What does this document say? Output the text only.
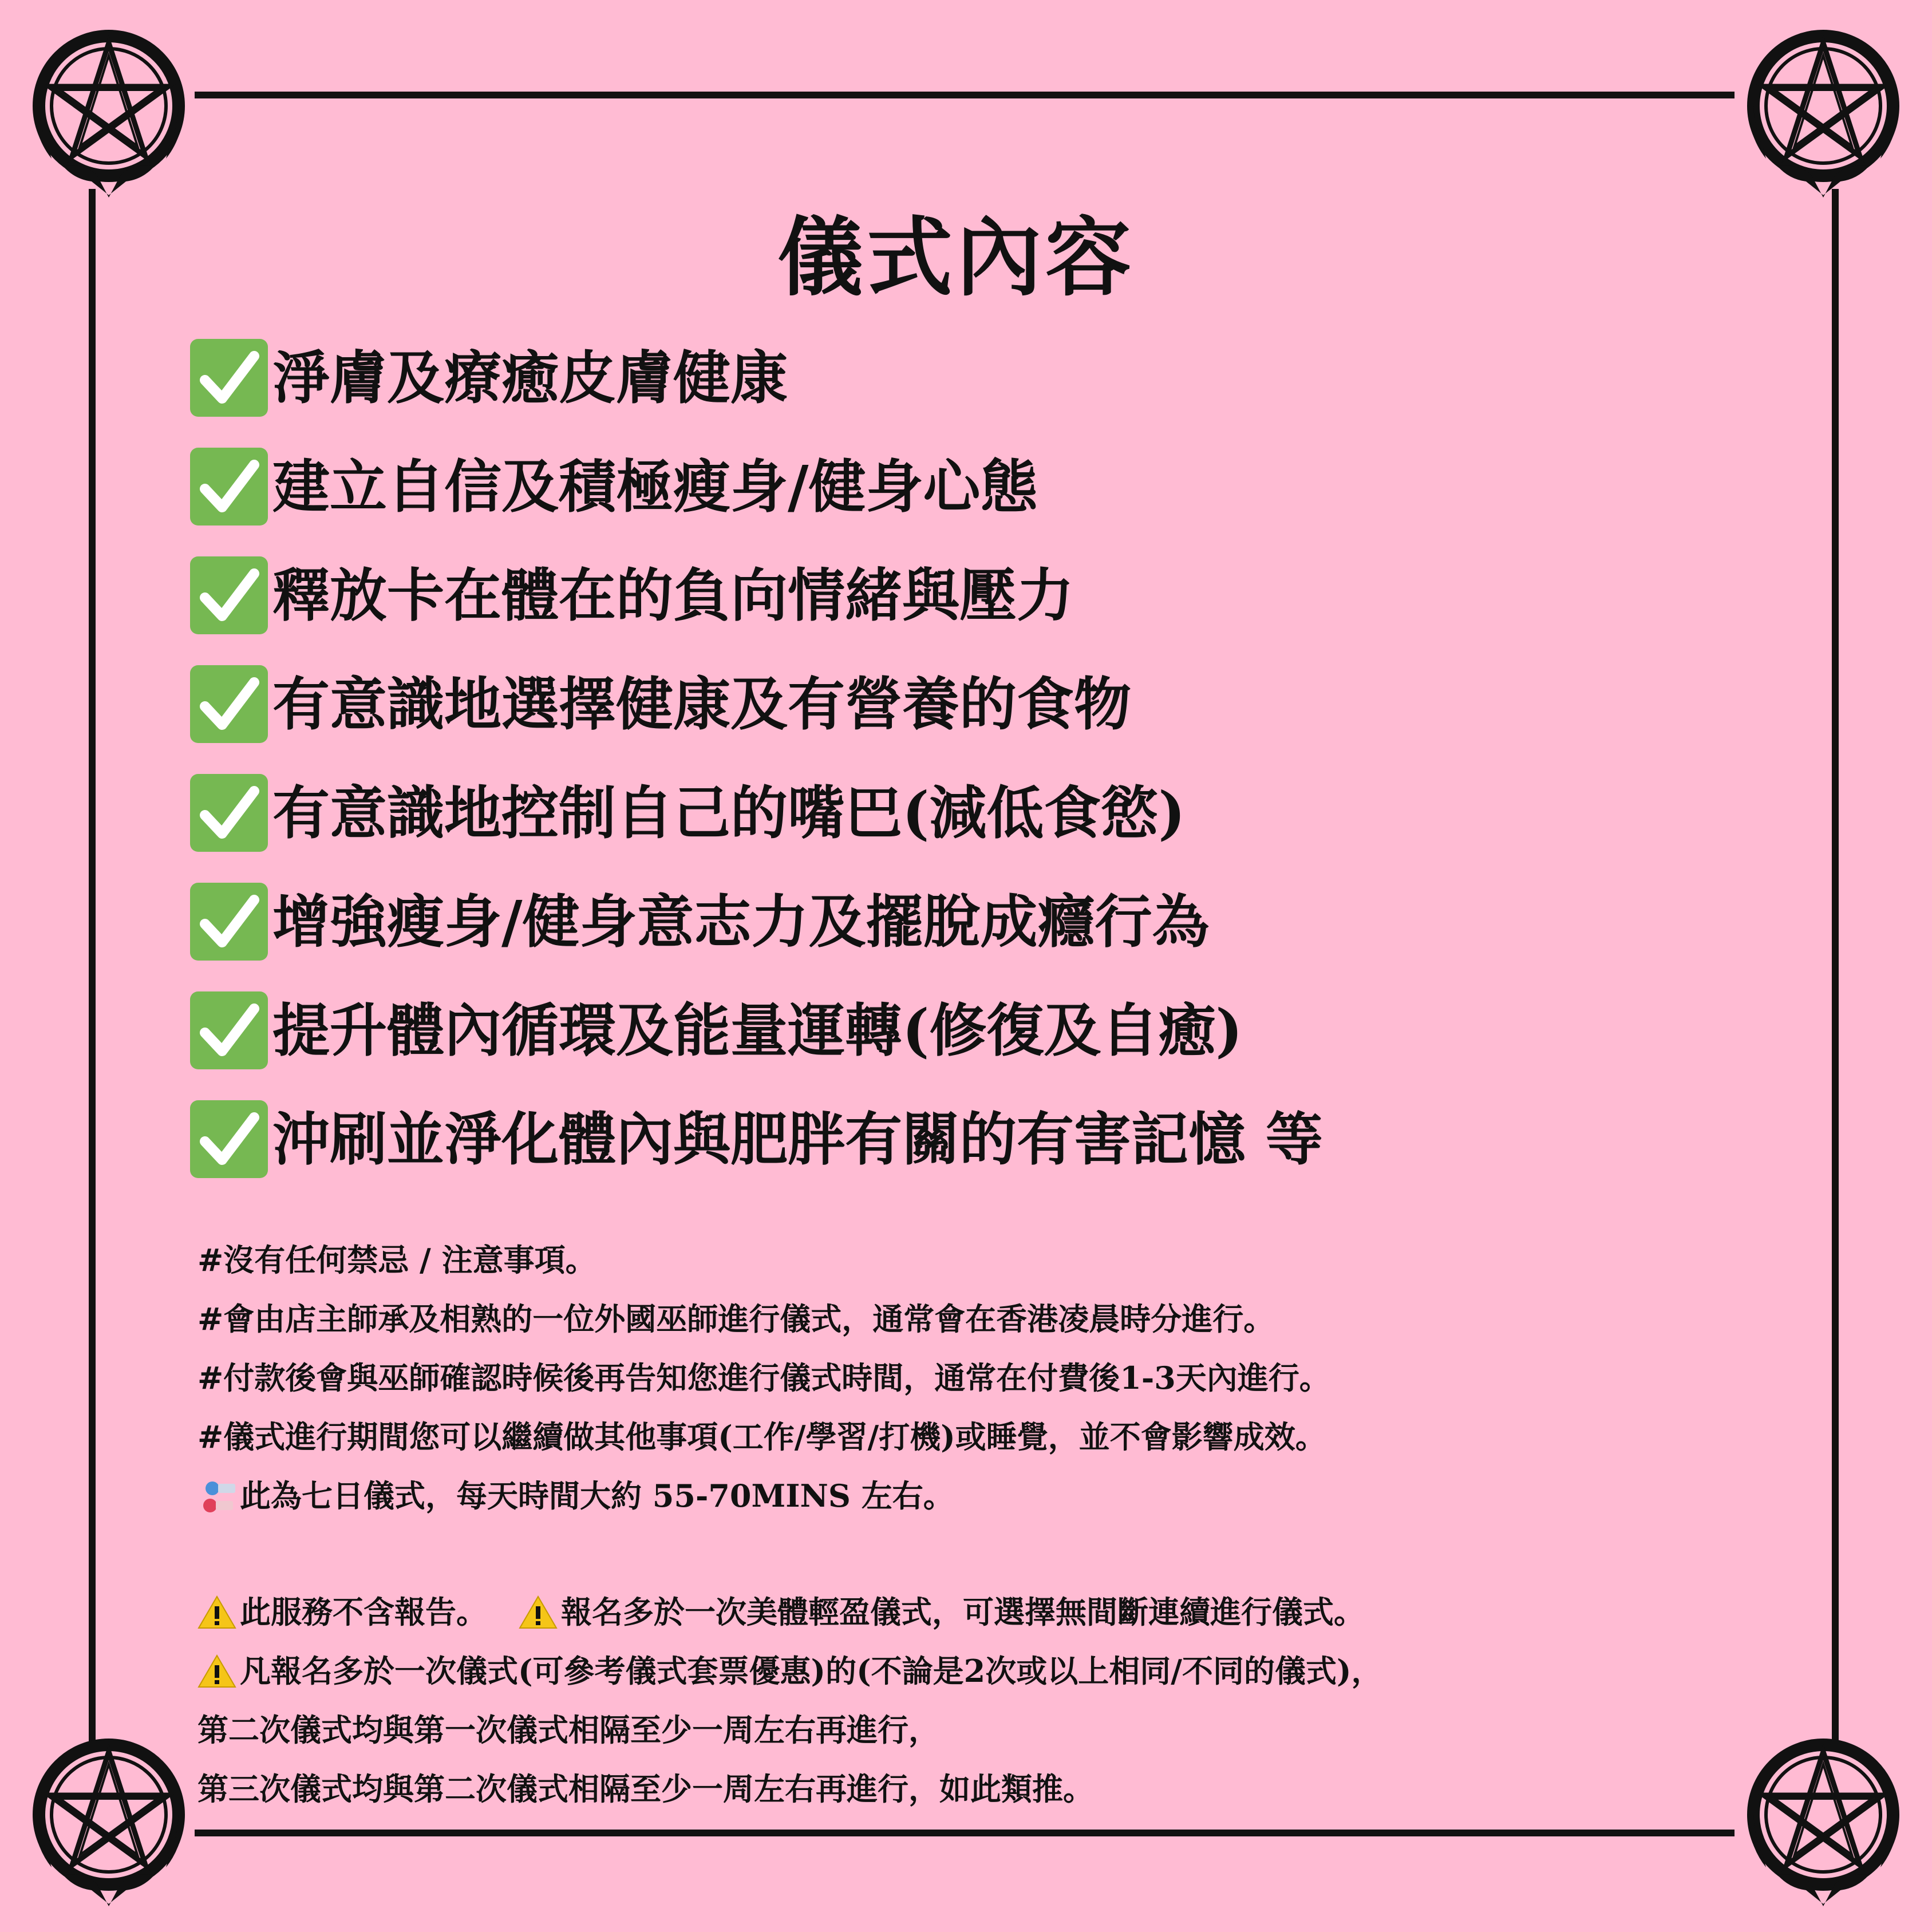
儀式內容
淨膚及療癒皮膚健康
建立自信及積極瘦身/健身心態
釋放卡在體在的負向情緒與壓力
有意識地選擇健康及有營養的食物
有意識地控制自己的嘴巴(減低食慾)
增強瘦身/健身意志力及擺脫成癮行為
提升體內循環及能量運轉(修復及自癒)
沖刷並淨化體內與肥胖有關的有害記憶 等
#沒有任何禁忌 / 注意事項。
#會由店主師承及相熟的一位外國巫師進行儀式，通常會在香港凌晨時分進行。
#付款後會與巫師確認時候後再告知您進行儀式時間，通常在付費後1-3天內進行。
#儀式進行期間您可以繼續做其他事項(工作/學習/打機)或睡覺，並不會影響成效。
此為七日儀式，每天時間大約 55-70MINS 左右。
此服務不含報告。 報名多於一次美體輕盈儀式，可選擇無間斷連續進行儀式。
凡報名多於一次儀式(可參考儀式套票優惠)的(不論是2次或以上相同/不同的儀式)，
第二次儀式均與第一次儀式相隔至少一周左右再進行，
第三次儀式均與第二次儀式相隔至少一周左右再進行，如此類推。
